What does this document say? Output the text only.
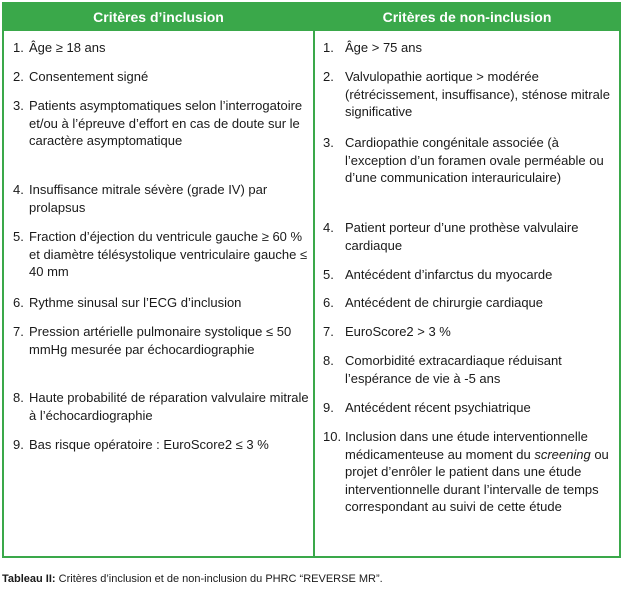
Critères d’inclusion	Critères de non-inclusion
1. Âge ≥ 18 ans
2. Consentement signé
3. Patients asymptomatiques selon l’interrogatoire et/ou à l’épreuve d’effort en cas de doute sur le caractère asymptomatique
4. Insuffisance mitrale sévère (grade IV) par prolapsus
5. Fraction d’éjection du ventricule gauche ≥ 60 % et diamètre télésystolique ventriculaire gauche ≤ 40 mm
6. Rythme sinusal sur l’ECG d’inclusion
7. Pression artérielle pulmonaire systolique ≤ 50 mmHg mesurée par échocardiographie
8. Haute probabilité de réparation valvulaire mitrale à l’échocardiographie
9. Bas risque opératoire : EuroScore2 ≤ 3 %
1. Âge > 75 ans
2. Valvulopathie aortique > modérée (rétrécissement, insuffisance), sténose mitrale significative
3. Cardiopathie congénitale associée (à l’exception d’un foramen ovale perméable ou d’une communication interauriculaire)
4. Patient porteur d’une prothèse valvulaire cardiaque
5. Antécédent d’infarctus du myocarde
6. Antécédent de chirurgie cardiaque
7. EuroScore2 > 3 %
8. Comorbidité extracardiaque réduisant l’espérance de vie à -5 ans
9. Antécédent récent psychiatrique
10. Inclusion dans une étude interventionnelle médicamenteuse au moment du screening ou projet d’enrôler le patient dans une étude interventionnelle durant l’intervalle de temps correspondant au suivi de cette étude
Tableau II: Critères d’inclusion et de non-inclusion du PHRC “REVERSE MR”.
